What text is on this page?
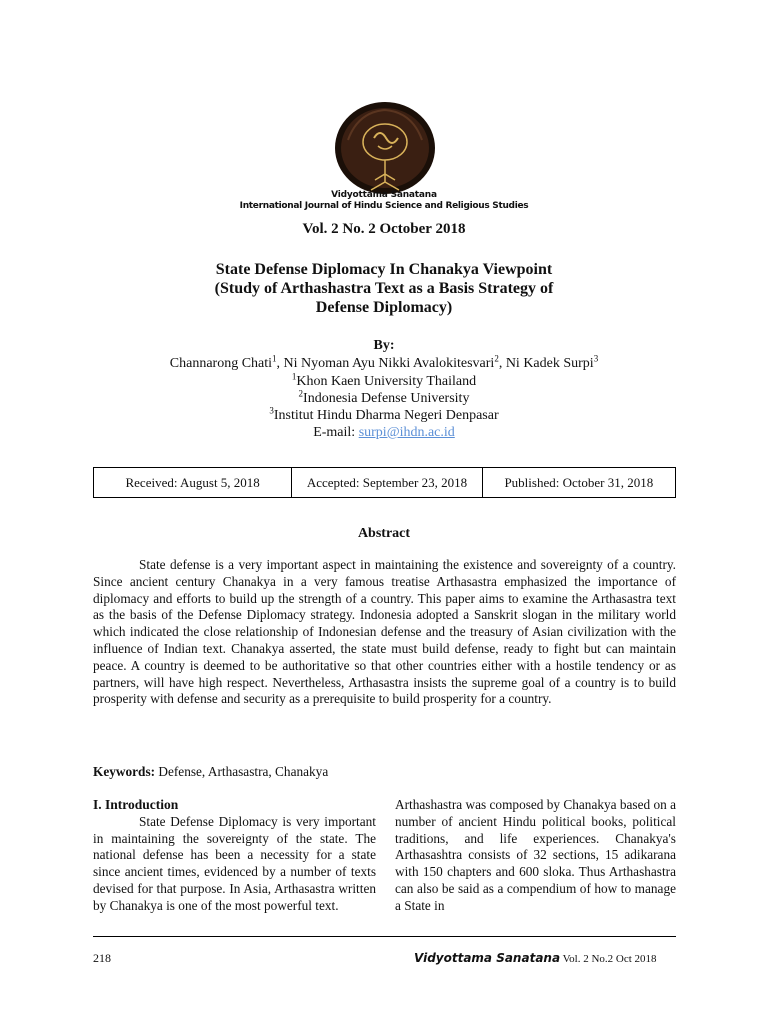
Vidyottama Sanatana
International Journal of Hindu Science and Religious Studies
Vol. 2 No. 2 October 2018
State Defense Diplomacy In Chanakya Viewpoint
(Study of Arthashastra Text as a Basis Strategy of
Defense Diplomacy)
By:
Channarong Chati$^1$, Ni Nyoman Ayu Nikki Avalokitesvari$^2$, Ni Kadek Surpi$^3$
$^1$Khon Kaen University Thailand
$^2$Indonesia Defense University
$^3$Institut Hindu Dharma Negeri Denpasar
E-mail: surpi@ihdn.ac.id
Received: August 5, 2018	Accepted: September 23, 2018	Published: October 31, 2018
Abstract
State defense is a very important aspect in maintaining the existence and sovereignty of a country. Since ancient century Chanakya in a very famous treatise Arthasastra emphasized the importance of diplomacy and efforts to build up the strength of a country. This paper aims to examine the Arthasastra text as the basis of the Defense Diplomacy strategy. Indonesia adopted a Sanskrit slogan in the military world which indicated the close relationship of Indonesian defense and the treasury of Asian civilization with the influence of Indian text. Chanakya asserted, the state must build defense, ready to fight but can maintain peace. A country is deemed to be authoritative so that other countries either with a hostile tendency or as partners, will have high respect. Nevertheless, Arthasastra insists the supreme goal of a country is to build prosperity with defense and security as a prerequisite to build prosperity for a country.
Keywords: Defense, Arthasastra, Chanakya
I. Introduction
State Defense Diplomacy is very important in maintaining the sovereignty of the state. The national defense has been a necessity for a state since ancient times, evidenced by a number of texts devised for that purpose. In Asia, Arthasastra written by Chanakya is one of the most powerful text.
Arthashastra was composed by Chanakya based on a number of ancient Hindu political books, political traditions, and life experiences. Chanakya's Arthasashtra consists of 32 sections, 15 adikarana with 150 chapters and 600 sloka. Thus Arthashastra can also be said as a compendium of how to manage a State in
218	Vidyottama Sanatana Vol. 2 No.2 Oct 2018
